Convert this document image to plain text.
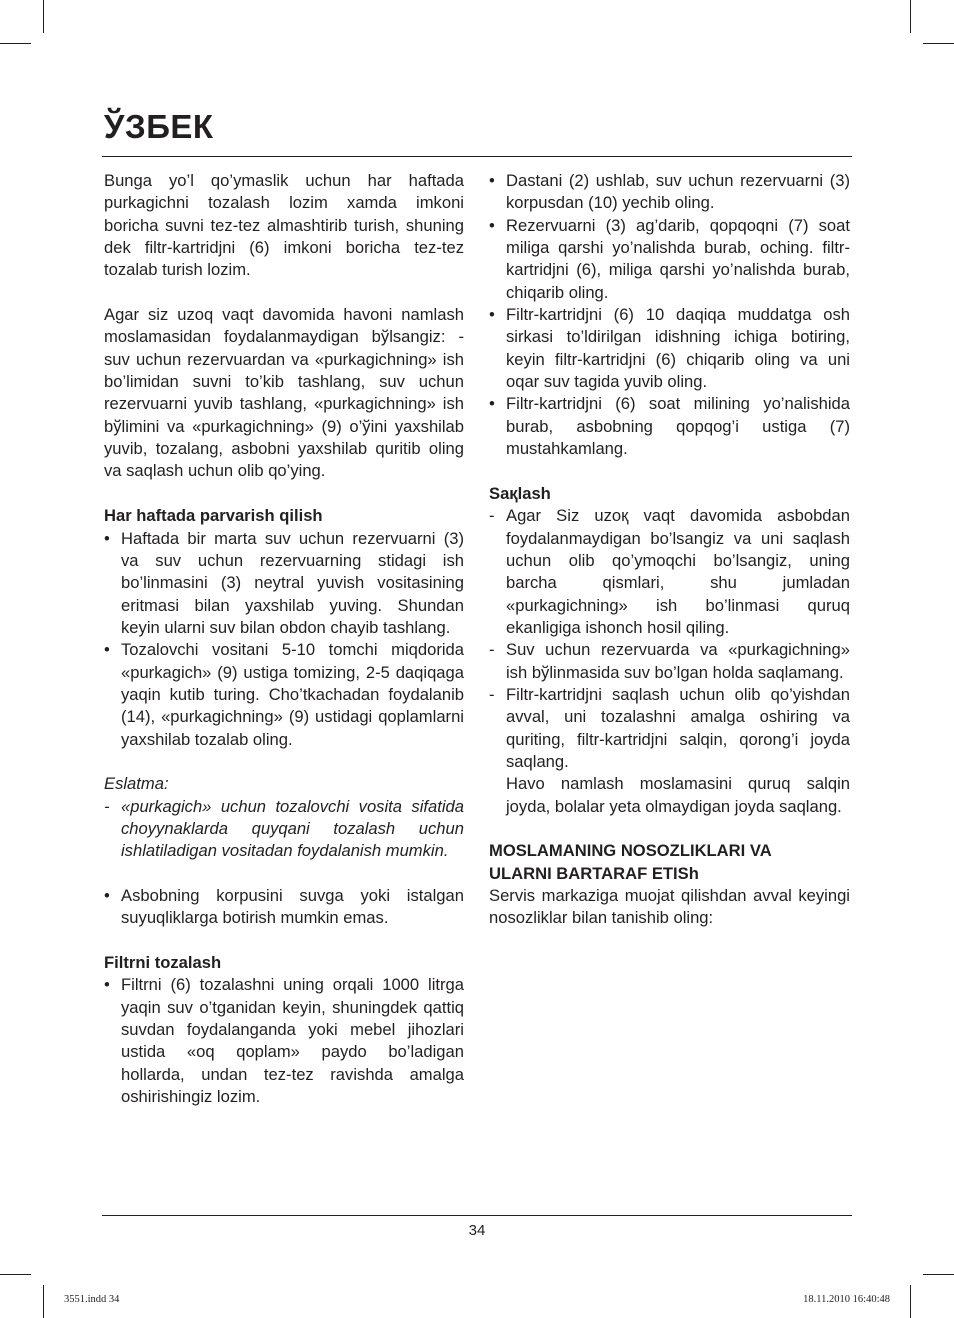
ЎЗБЕК

Bunga yo’l qo’ymaslik uchun har haftada purkagichni tozalash lozim xamda imkoni boricha suvni tez-tez almashtirib turish, shuning dek filtr-kartridjni (6) imkoni boricha tez-tez tozalab turish lozim.

Agar siz uzoq vaqt davomida havoni namlash moslamasidan foydalanmaydigan bўlsangiz: - suv uchun rezervuardan va «purkagichning» ish bo’limidan suvni to’kib tashlang, suv uchun rezervuarni yuvib tashlang, «purkagichning» ish bўlimini va «purkagichning» (9) o’ўini yaxshilab yuvib, tozalang, asbobni yaxshilab quritib oling va saqlash uchun olib qo’ying.

Har haftada parvarish qilish

• Haftada bir marta suv uchun rezervuarni (3) va suv uchun rezervuarning stidagi ish bo’linmasini (3) neytral yuvish vositasining eritmasi bilan yaxshilab yuving. Shundan keyin ularni suv bilan obdon chayib tashlang.
• Tozalovchi vositani 5-10 tomchi miqdorida «purkagich» (9) ustiga tomizing, 2-5 daqiqaga yaqin kutib turing. Cho’tkachadan foydalanib (14), «purkagichning» (9) ustidagi qoplamlarni yaxshilab tozalab oling.

Eslatma:

- «purkagich» uchun tozalovchi vosita sifatida choyynaklarda quyqani tozalash uchun ishlatiladigan vositadan foydalanish mumkin.
• Asbobning korpusini suvga yoki istalgan suyuqliklarga botirish mumkin emas.

Filtrni tozalash

• Filtrni (6) tozalashni uning orqali 1000 litrga yaqin suv o’tganidan keyin, shuningdek qattiq suvdan foydalanganda yoki mebel jihozlari ustida «oq qoplam» paydo bo’ladigan hollarda, undan tez-tez ravishda amalga oshirishingiz lozim.
• Dastani (2) ushlab, suv uchun rezervuarni (3) korpusdan (10) yechib oling.
• Rezervuarni (3) ag’darib, qopqoqni (7) soat miliga qarshi yo’nalishda burab, oching. filtr-kartridjni (6), miliga qarshi yo’nalishda burab, chiqarib oling.
• Filtr-kartridjni (6) 10 daqiqa muddatga osh sirkasi to’ldirilgan idishning ichiga botiring, keyin filtr-kartridjni (6) chiqarib oling va uni oqar suv tagida yuvib oling.
• Filtr-kartridjni (6) soat milining yo’nalishida burab, asbobning qopqog’i ustiga (7) mustahkamlang.

Saқlash

- Agar Siz uzoқ vaqt davomida asbobdan foydalanmaydigan bo’lsangiz va uni saqlash uchun olib qo’ymoqchi bo’lsangiz, uning barcha qismlari, shu jumladan «purkagichning» ish bo’linmasi quruq ekanligiga ishonch hosil qiling.
- Suv uchun rezervuarda va «purkagichning» ish bўlinmasida suv bo’lgan holda saqlamang.
- Filtr-kartridjni saqlash uchun olib qo’yishdan avval, uni tozalashni amalga oshiring va quriting, filtr-kartridjni salqin, qorong’i joyda saqlang.
Havo namlash moslamasini quruq salqin joyda, bolalar yeta olmaydigan joyda saqlang.

MOSLAMANING NOSOZLIKLARI VA

ULARNI BARTARAF ETISh

Servis markaziga muojat qilishdan avval keyingi nosozliklar bilan tanishib oling:

34
3551.indd 34	18.11.2010 16:40:48
